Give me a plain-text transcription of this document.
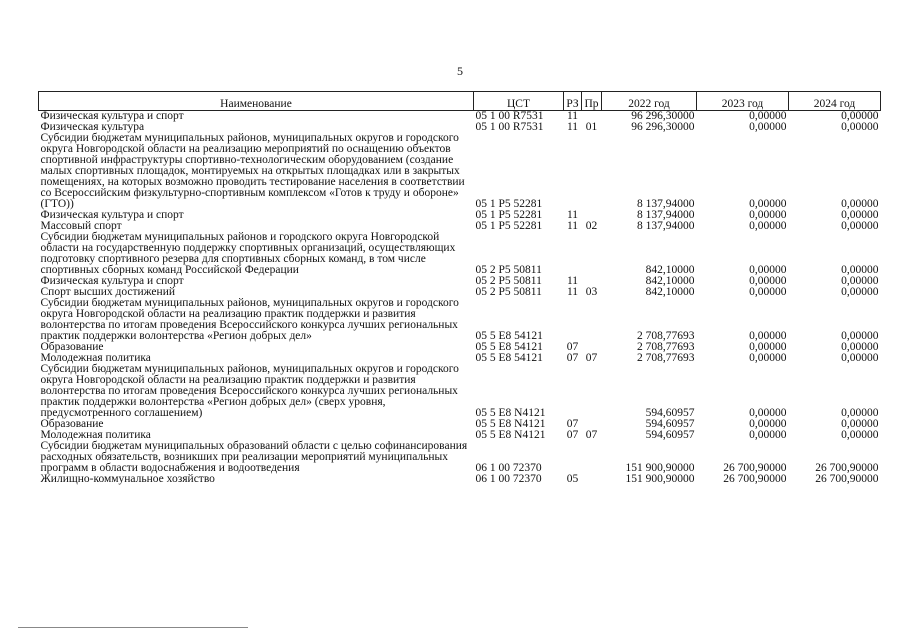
5
Наименование	ЦСТ	РЗ	Пр	2022 год	2023 год	2024 год
Физическая культура и спорт	05 1 00 R7531	11		96 296,30000	0,00000	0,00000
Физическая культура	05 1 00 R7531	11	01	96 296,30000	0,00000	0,00000
Субсидии бюджетам муниципальных районов, муниципальных округов и городского округа Новгородской области на реализацию мероприятий по оснащению объектов спортивной инфраструктуры спортивно-технологическим оборудованием (создание малых спортивных площадок, монтируемых на открытых площадках или в закрытых помещениях, на которых возможно проводить тестирование населения в соответствии со Всероссийским физкультурно-спортивным комплексом «Готов к труду и обороне» (ГТО))	05 1 P5 52281			8 137,94000	0,00000	0,00000
Физическая культура и спорт	05 1 P5 52281	11		8 137,94000	0,00000	0,00000
Массовый спорт	05 1 P5 52281	11	02	8 137,94000	0,00000	0,00000
Субсидии бюджетам муниципальных районов и городского округа Новгородской области на государственную поддержку спортивных организаций, осуществляющих подготовку спортивного резерва для спортивных сборных команд, в том числе спортивных сборных команд Российской Федерации	05 2 P5 50811			842,10000	0,00000	0,00000
Физическая культура и спорт	05 2 P5 50811	11		842,10000	0,00000	0,00000
Спорт высших достижений	05 2 P5 50811	11	03	842,10000	0,00000	0,00000
Субсидии бюджетам муниципальных районов, муниципальных округов и городского округа Новгородской области на реализацию практик поддержки и развития волонтерства по итогам проведения Всероссийского конкурса лучших региональных практик поддержки волонтерства «Регион добрых дел»	05 5 E8 54121			2 708,77693	0,00000	0,00000
Образование	05 5 E8 54121	07		2 708,77693	0,00000	0,00000
Молодежная политика	05 5 E8 54121	07	07	2 708,77693	0,00000	0,00000
Субсидии бюджетам муниципальных районов, муниципальных округов и городского округа Новгородской области на реализацию практик поддержки и развития волонтерства по итогам проведения Всероссийского конкурса лучших региональных практик поддержки волонтерства «Регион добрых дел» (сверх уровня, предусмотренного соглашением)	05 5 E8 N4121			594,60957	0,00000	0,00000
Образование	05 5 E8 N4121	07		594,60957	0,00000	0,00000
Молодежная политика	05 5 E8 N4121	07	07	594,60957	0,00000	0,00000
Субсидии бюджетам муниципальных образований области с целью софинансирования расходных обязательств, возникших при реализации мероприятий муниципальных программ в области водоснабжения и водоотведения	06 1 00 72370			151 900,90000	26 700,90000	26 700,90000
Жилищно-коммунальное хозяйство	06 1 00 72370	05		151 900,90000	26 700,90000	26 700,90000
